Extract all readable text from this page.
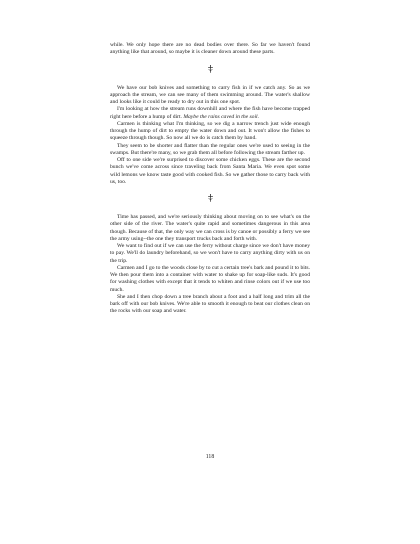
while. We only hope there are no dead bodies over there. So far we haven't found anything like that around, so maybe it is cleaner down around these parts.

We have our bob knives and something to carry fish in if we catch any. So as we approach the stream, we can see many of them swimming around. The water's shallow and looks like it could be ready to dry out in this one spot.

I'm looking at how the stream runs downhill and where the fish have become trapped right here before a hump of dirt. Maybe the rains caved in the soil.

Carmen is thinking what I'm thinking, so we dig a narrow trench just wide enough through the hump of dirt to empty the water down and out. It won't allow the fishes to squeeze through though. So now all we do is catch them by hand.

They seem to be shorter and flatter than the regular ones we're used to seeing in the swamps. But there're many, so we grab them all before following the stream farther up.

Off to one side we're surprised to discover some chicken eggs. These are the second bunch we've come across since traveling back from Santa Maria. We even spot some wild lemons we know taste good with cooked fish. So we gather those to carry back with us, too.

Time has passed, and we're seriously thinking about moving on to see what's on the other side of the river. The water's quite rapid and sometimes dangerous in this area though. Because of that, the only way we can cross is by canoe or possibly a ferry we see the army using--the one they transport trucks back and forth with.

We want to find out if we can use the ferry without charge since we don't have money to pay. We'll do laundry beforehand, so we won't have to carry anything dirty with us on the trip.

Carmen and I go to the woods close by to cut a certain tree's bark and pound it to bits. We then pour them into a container with water to shake up for soap-like suds. It's good for washing clothes with except that it tends to whiten and rinse colors out if we use too much.

She and I then chop down a tree branch about a foot and a half long and trim all the bark off with our bob knives. We're able to smooth it enough to beat our clothes clean on the rocks with our soap and water.

118
